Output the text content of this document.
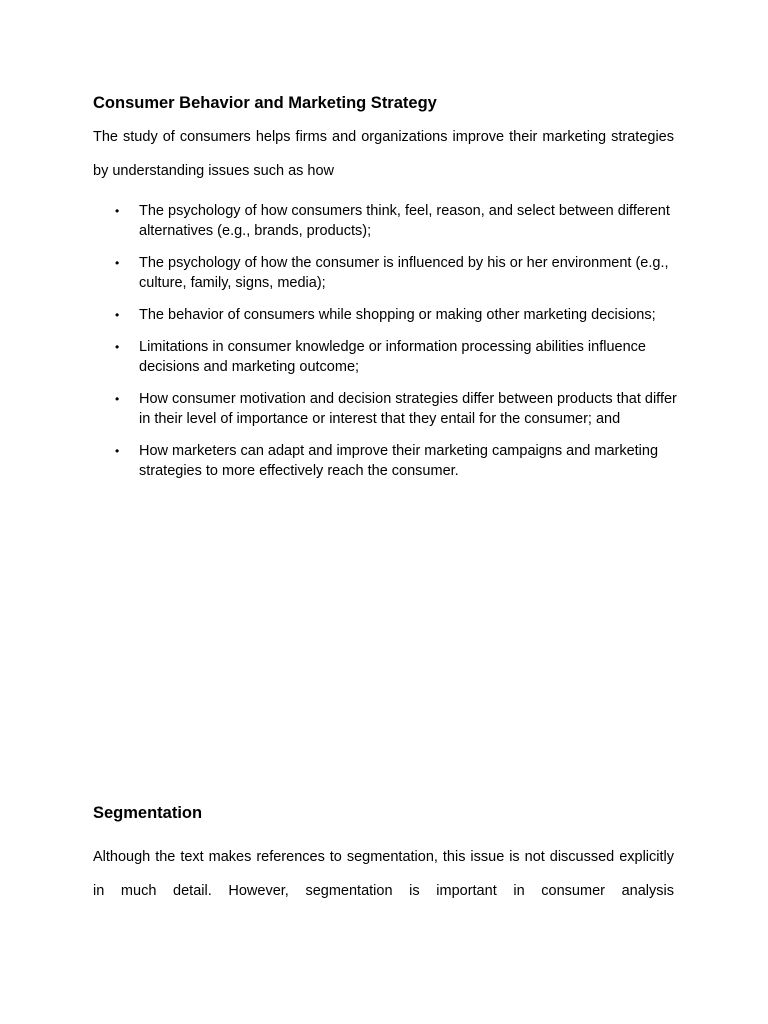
Consumer Behavior and Marketing Strategy

The study of consumers helps firms and organizations improve their marketing strategies by understanding issues such as how

• The psychology of how consumers think, feel, reason, and select between different alternatives (e.g., brands, products);
• The psychology of how the consumer is influenced by his or her environment (e.g., culture, family, signs, media);
• The behavior of consumers while shopping or making other marketing decisions;
• Limitations in consumer knowledge or information processing abilities influence decisions and marketing outcome;
• How consumer motivation and decision strategies differ between products that differ in their level of importance or interest that they entail for the consumer; and
• How marketers can adapt and improve their marketing campaigns and marketing strategies to more effectively reach the consumer.
Segmentation

Although the text makes references to segmentation, this issue is not discussed explicitly in much detail. However, segmentation is important in consumer analysis
